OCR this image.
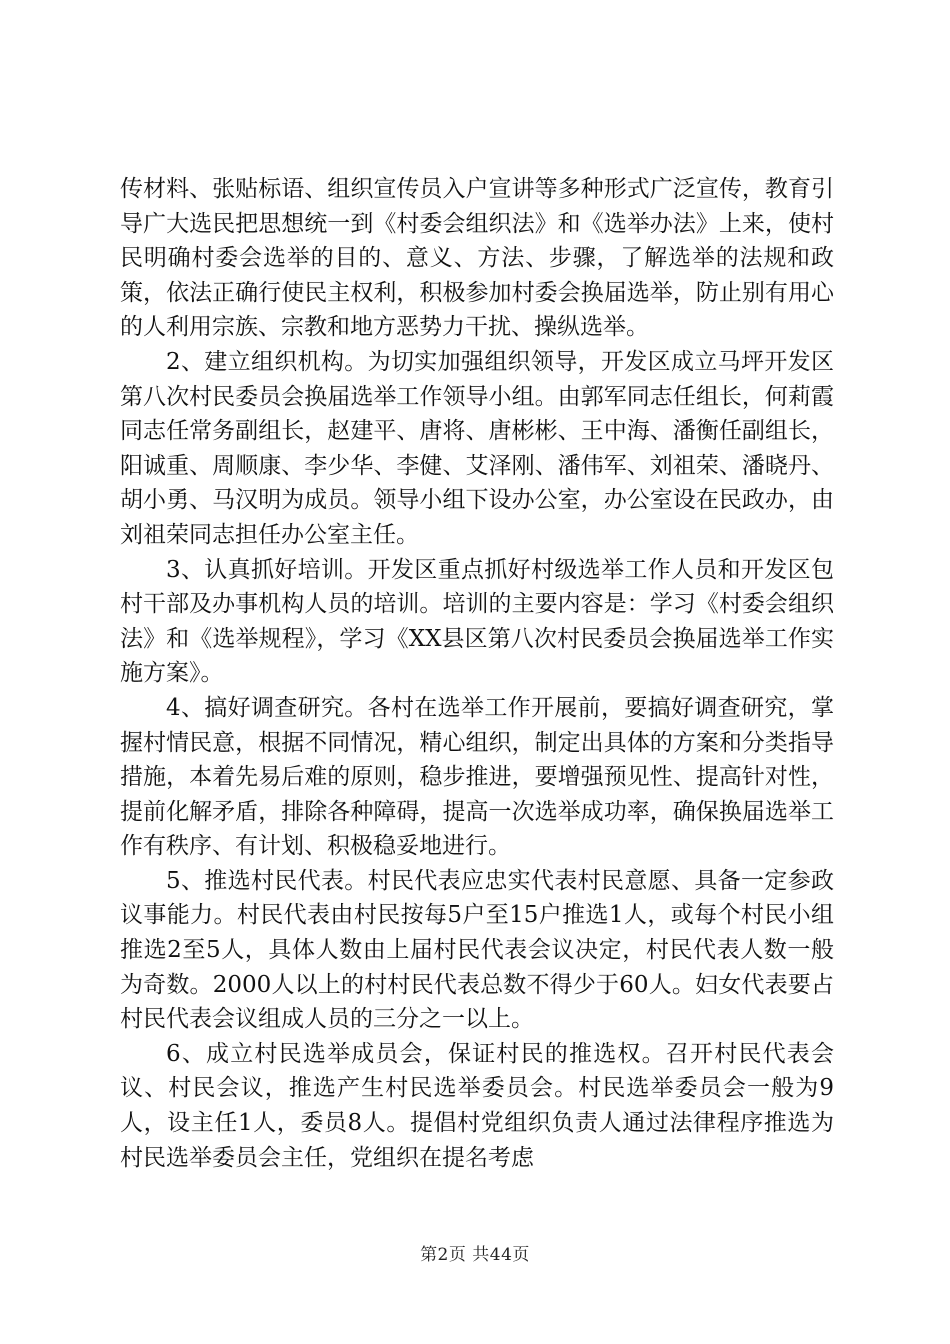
传材料、张贴标语、组织宣传员入户宣讲等多种形式广泛宣传，教育引导广大选民把思想统一到《村委会组织法》和《选举办法》上来，使村民明确村委会选举的目的、意义、方法、步骤，了解选举的法规和政策，依法正确行使民主权利，积极参加村委会换届选举，防止别有用心的人利用宗族、宗教和地方恶势力干扰、操纵选举。

2、建立组织机构。为切实加强组织领导，开发区成立马坪开发区第八次村民委员会换届选举工作领导小组。由郭军同志任组长，何莉霞同志任常务副组长，赵建平、唐将、唐彬彬、王中海、潘衡任副组长，阳诚重、周顺康、李少华、李健、艾泽刚、潘伟军、刘祖荣、潘晓丹、胡小勇、马汉明为成员。领导小组下设办公室，办公室设在民政办，由刘祖荣同志担任办公室主任。

3、认真抓好培训。开发区重点抓好村级选举工作人员和开发区包村干部及办事机构人员的培训。培训的主要内容是：学习《村委会组织法》和《选举规程》，学习《XX县区第八次村民委员会换届选举工作实施方案》。

4、搞好调查研究。各村在选举工作开展前，要搞好调查研究，掌握村情民意，根据不同情况，精心组织，制定出具体的方案和分类指导措施，本着先易后难的原则，稳步推进，要增强预见性、提高针对性，提前化解矛盾，排除各种障碍，提高一次选举成功率，确保换届选举工作有秩序、有计划、积极稳妥地进行。

5、推选村民代表。村民代表应忠实代表村民意愿、具备一定参政议事能力。村民代表由村民按每5户至15户推选1人，或每个村民小组推选2至5人，具体人数由上届村民代表会议决定，村民代表人数一般为奇数。2000人以上的村村民代表总数不得少于60人。妇女代表要占村民代表会议组成人员的三分之一以上。

6、成立村民选举成员会，保证村民的推选权。召开村民代表会议、村民会议，推选产生村民选举委员会。村民选举委员会一般为9人，设主任1人，委员8人。提倡村党组织负责人通过法律程序推选为村民选举委员会主任，党组织在提名考虑

第2页 共44页
